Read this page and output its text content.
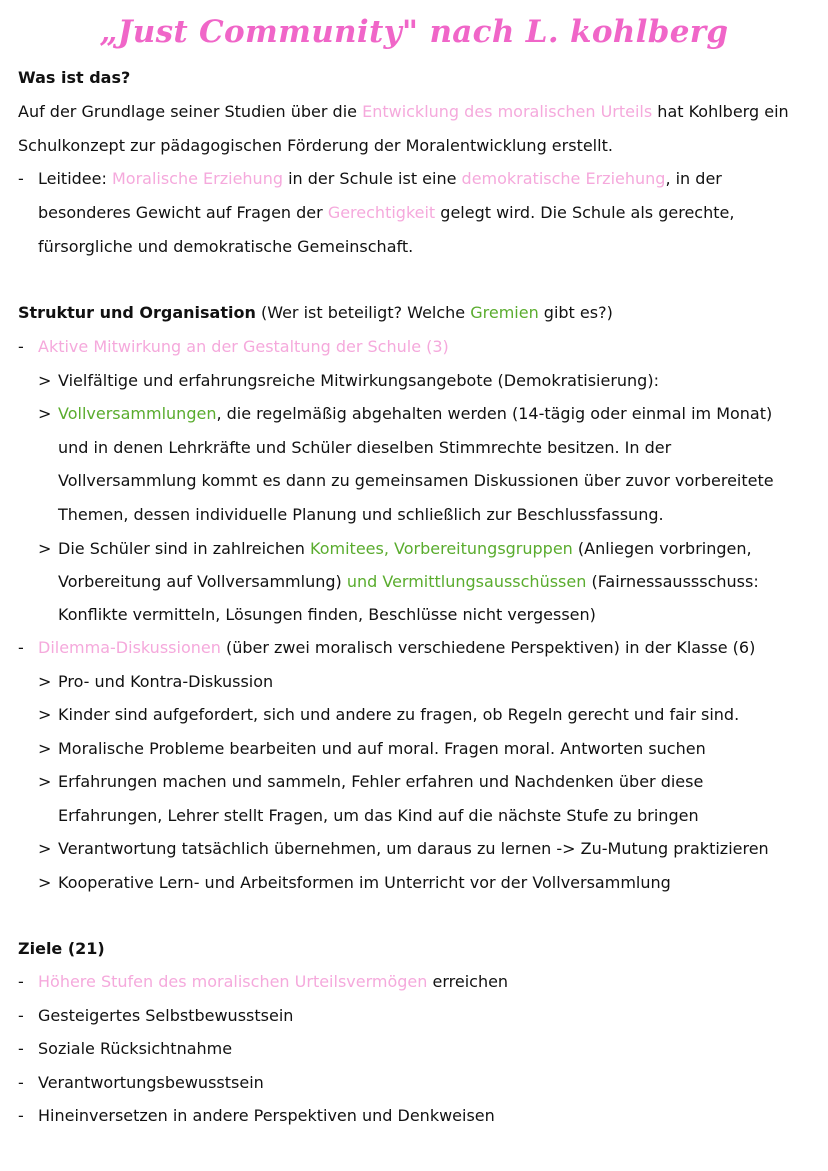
„Just Community" nach L. kohlberg
Was ist das?
Auf der Grundlage seiner Studien über die Entwicklung des moralischen Urteils hat Kohlberg ein
Schulkonzept zur pädagogischen Förderung der Moralentwicklung erstellt.
- Leitidee: Moralische Erziehung in der Schule ist eine demokratische Erziehung, in der
besonderes Gewicht auf Fragen der Gerechtigkeit gelegt wird. Die Schule als gerechte,
fürsorgliche und demokratische Gemeinschaft.
Struktur und Organisation (Wer ist beteiligt? Welche Gremien gibt es?)
- Aktive Mitwirkung an der Gestaltung der Schule (3)
> Vielfältige und erfahrungsreiche Mitwirkungsangebote (Demokratisierung):
> Vollversammlungen, die regelmäßig abgehalten werden (14-tägig oder einmal im Monat)
und in denen Lehrkräfte und Schüler dieselben Stimmrechte besitzen. In der
Vollversammlung kommt es dann zu gemeinsamen Diskussionen über zuvor vorbereitete
Themen, dessen individuelle Planung und schließlich zur Beschlussfassung.
> Die Schüler sind in zahlreichen Komitees, Vorbereitungsgruppen (Anliegen vorbringen,
Vorbereitung auf Vollversammlung) und Vermittlungsausschüssen (Fairnessaussschuss:
Konflikte vermitteln, Lösungen finden, Beschlüsse nicht vergessen)
- Dilemma-Diskussionen (über zwei moralisch verschiedene Perspektiven) in der Klasse (6)
> Pro- und Kontra-Diskussion
> Kinder sind aufgefordert, sich und andere zu fragen, ob Regeln gerecht und fair sind.
> Moralische Probleme bearbeiten und auf moral. Fragen moral. Antworten suchen
> Erfahrungen machen und sammeln, Fehler erfahren und Nachdenken über diese
Erfahrungen, Lehrer stellt Fragen, um das Kind auf die nächste Stufe zu bringen
> Verantwortung tatsächlich übernehmen, um daraus zu lernen -> Zu-Mutung praktizieren
> Kooperative Lern- und Arbeitsformen im Unterricht vor der Vollversammlung
Ziele (21)
- Höhere Stufen des moralischen Urteilsvermögen erreichen
- Gesteigertes Selbstbewusstsein
- Soziale Rücksichtnahme
- Verantwortungsbewusstsein
- Hineinversetzen in andere Perspektiven und Denkweisen
